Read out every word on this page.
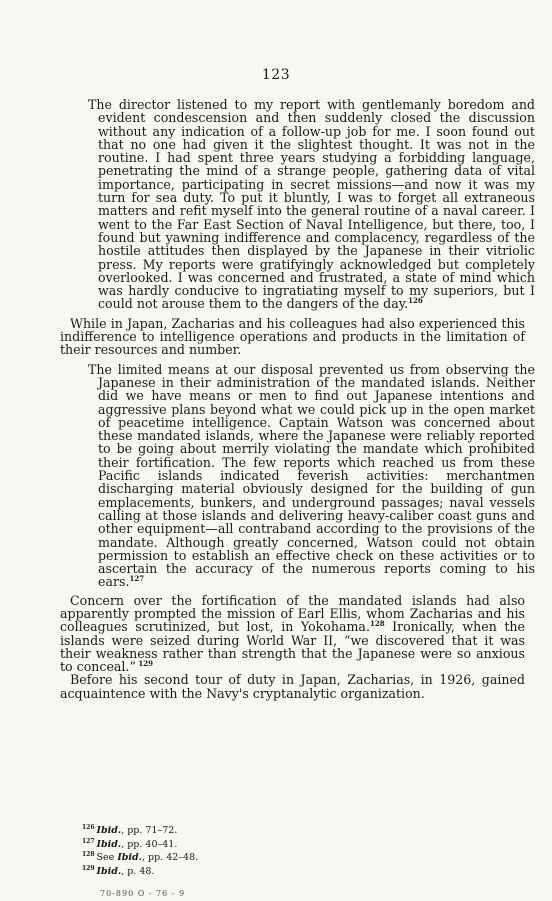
123

The director listened to my report with gentlemanly boredom and evident condescension and then suddenly closed the discussion without any indication of a follow-up job for me. I soon found out that no one had given it the slightest thought. It was not in the routine. I had spent three years studying a forbidding language, penetrating the mind of a strange people, gathering data of vital importance, participating in secret missions—and now it was my turn for sea duty. To put it bluntly, I was to forget all extraneous matters and refit myself into the general routine of a naval career. I went to the Far East Section of Naval Intelligence, but there, too, I found but yawning indifference and complacency, regardless of the hostile attitudes then displayed by the Japanese in their vitriolic press. My reports were gratifyingly acknowledged but completely overlooked. I was concerned and frustrated, a state of mind which was hardly conducive to ingratiating myself to my superiors, but I could not arouse them to the dangers of the day.$^{126}$

While in Japan, Zacharias and his colleagues had also experienced this indifference to intelligence operations and products in the limitation of their resources and number.

The limited means at our disposal prevented us from observing the Japanese in their administration of the mandated islands. Neither did we have means or men to find out Japanese intentions and aggressive plans beyond what we could pick up in the open market of peacetime intelligence. Captain Watson was concerned about these mandated islands, where the Japanese were reliably reported to be going about merrily violating the mandate which prohibited their fortification. The few reports which reached us from these Pacific islands indicated feverish activities: merchantmen discharging material obviously designed for the building of gun emplacements, bunkers, and underground passages; naval vessels calling at those islands and delivering heavy-caliber coast guns and other equipment—all contraband according to the provisions of the mandate. Although greatly concerned, Watson could not obtain permission to establish an effective check on these activities or to ascertain the accuracy of the numerous reports coming to his ears.$^{127}$

Concern over the fortification of the mandated islands had also apparently prompted the mission of Earl Ellis, whom Zacharias and his colleagues scrutinized, but lost, in Yokohama.$^{128}$ Ironically, when the islands were seized during World War II, “we discovered that it was their weakness rather than strength that the Japanese were so anxious to conceal.” $^{129}$

Before his second tour of duty in Japan, Zacharias, in 1926, gained acquaintence with the Navy's cryptanalytic organization.

$^{126}$ Ibid., pp. 71–72.
$^{127}$ Ibid., pp. 40–41.
$^{128}$ See Ibid., pp. 42–48.
$^{129}$ Ibid., p. 48.
70-890 O - 76 - 9
